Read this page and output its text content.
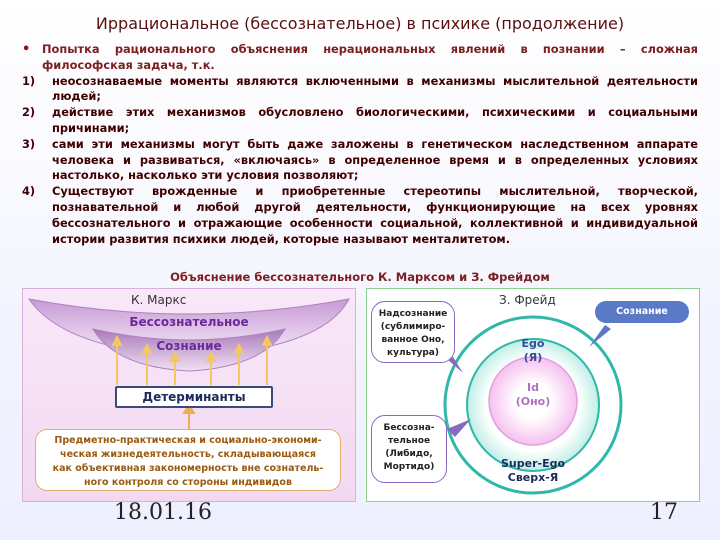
Иррациональное (бессознательное) в психике (продолжение)
• Попытка рационального объяснения нерациональных явлений в познании – сложная философская задача, т.к.
1) неосознаваемые моменты являются включенными в механизмы мыслительной деятельности людей;
2) действие этих механизмов обусловлено биологическими, психическими и социальными причинами;
3) сами эти механизмы могут быть даже заложены в генетическом наследственном аппарате человека и развиваться, «включаясь» в определенное время и в определенных условиях настолько, насколько эти условия позволяют;
4) Существуют врожденные и приобретенные стереотипы мыслительной, творческой, познавательной и любой другой деятельности, функционирующие на всех уровнях бессознательного и отражающие особенности социальной, коллективной и индивидуальной истории развития психики людей, которые называют менталитетом.
Объяснение бессознательного К. Марксом и З. Фрейдом
К. Маркс
Бессознательное
Сознание
Детерминанты
Предметно-практическая и социально-экономи-
ческая жизнедеятельность, складывающаяся
как объективная закономерность вне сознатель-
ного контроля со стороны индивидов
З. Фрейд
Надсознание
(сублимиро-
ванное Оно,
культура)
Сознание
Ego
(Я)
Id
(Оно)
Бессозна-
тельное
(Либидо,
Мортидо)	Super-Ego
Сверх-Я
18.01.16	17
